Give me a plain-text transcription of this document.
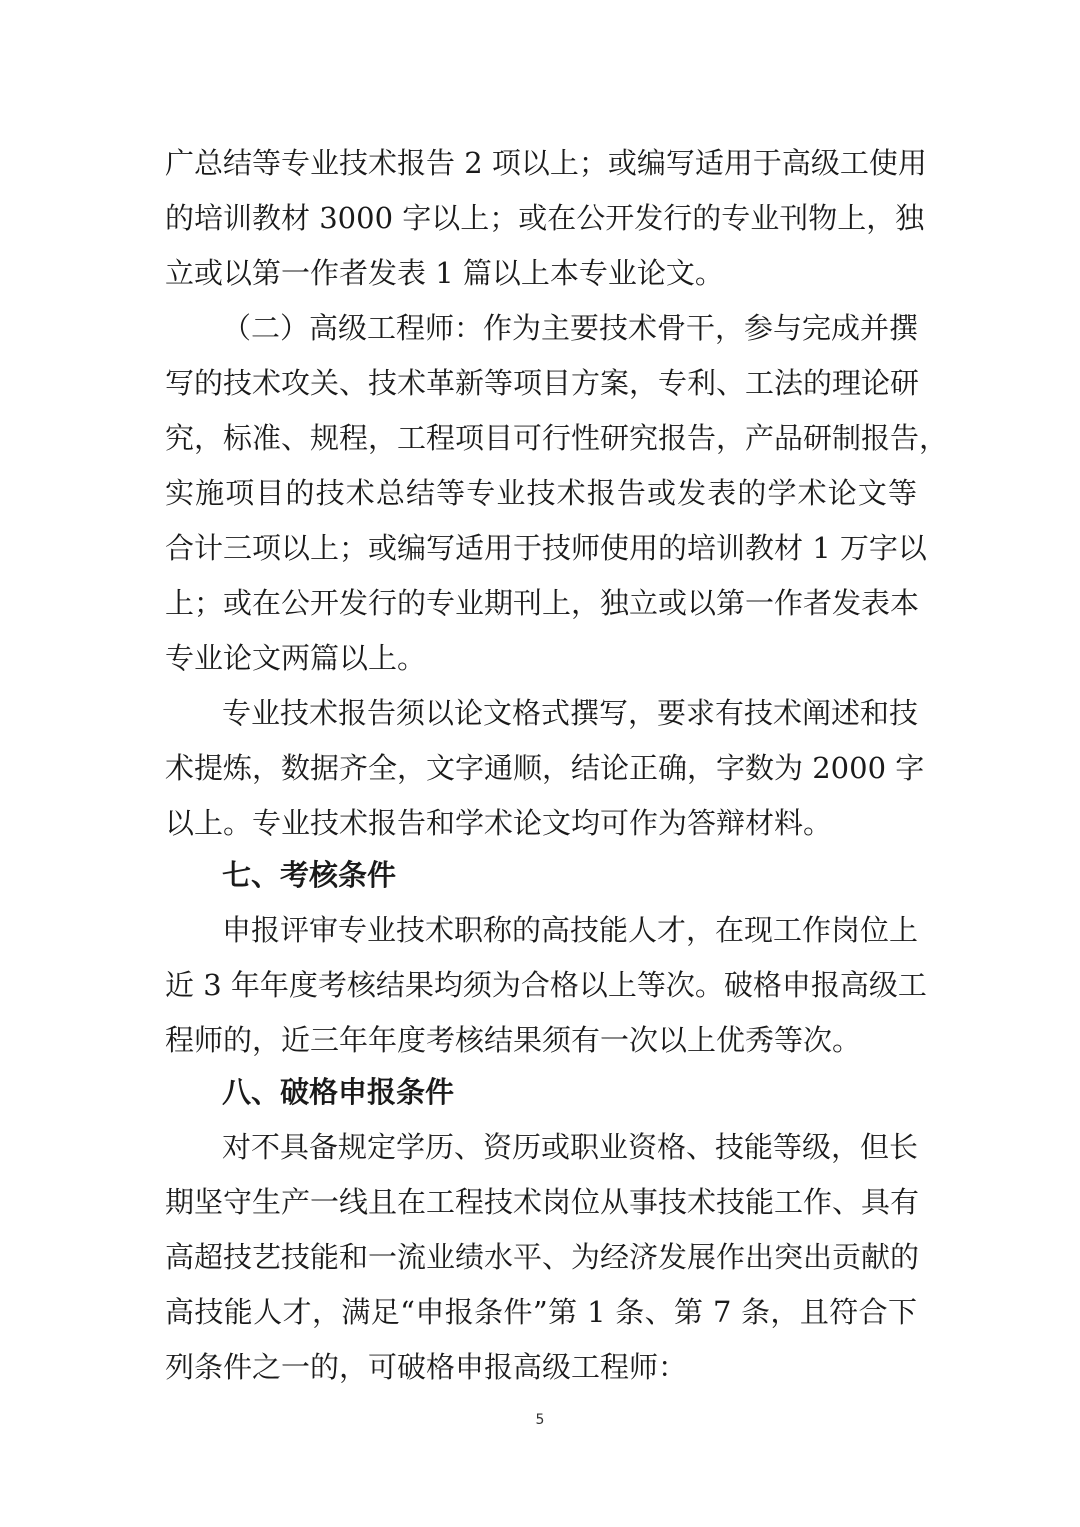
广总结等专业技术报告 2 项以上；或编写适用于高级工使用
的培训教材 3000 字以上；或在公开发行的专业刊物上，独
立或以第一作者发表 1 篇以上本专业论文。
（二）高级工程师：作为主要技术骨干，参与完成并撰
写的技术攻关、技术革新等项目方案，专利、工法的理论研
究，标准、规程，工程项目可行性研究报告，产品研制报告，
实施项目的技术总结等专业技术报告或发表的学术论文等
合计三项以上；或编写适用于技师使用的培训教材 1 万字以
上；或在公开发行的专业期刊上，独立或以第一作者发表本
专业论文两篇以上。
专业技术报告须以论文格式撰写，要求有技术阐述和技
术提炼，数据齐全，文字通顺，结论正确，字数为 2000 字
以上。专业技术报告和学术论文均可作为答辩材料。
七、考核条件
申报评审专业技术职称的高技能人才，在现工作岗位上
近 3 年年度考核结果均须为合格以上等次。破格申报高级工
程师的，近三年年度考核结果须有一次以上优秀等次。
八、破格申报条件
对不具备规定学历、资历或职业资格、技能等级，但长
期坚守生产一线且在工程技术岗位从事技术技能工作、具有
高超技艺技能和一流业绩水平、为经济发展作出突出贡献的
高技能人才，满足“申报条件”第 1 条、第 7 条，且符合下
列条件之一的，可破格申报高级工程师：
5
